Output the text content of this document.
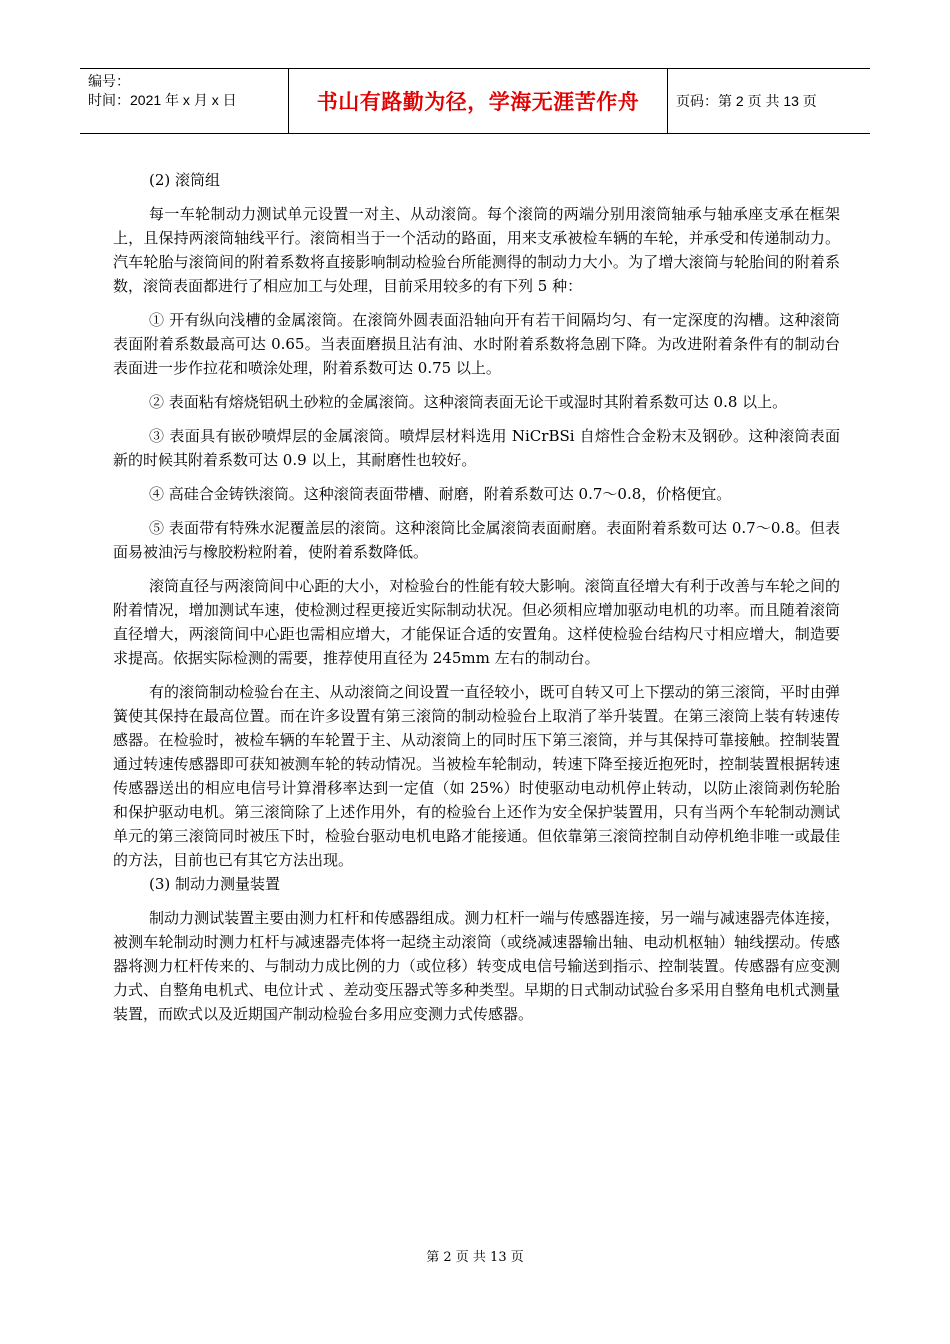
编号：
时间：2021 年 x 月 x 日	书山有路勤为径，学海无涯苦作舟	页码：第 2 页 共 13 页

(2) 滚筒组

每一车轮制动力测试单元设置一对主、从动滚筒。每个滚筒的两端分别用滚筒轴承与轴承座支承在框架上，且保持两滚筒轴线平行。滚筒相当于一个活动的路面，用来支承被检车辆的车轮，并承受和传递制动力。汽车轮胎与滚筒间的附着系数将直接影响制动检验台所能测得的制动力大小。为了增大滚筒与轮胎间的附着系数，滚筒表面都进行了相应加工与处理，目前采用较多的有下列 5 种：

① 开有纵向浅槽的金属滚筒。在滚筒外圆表面沿轴向开有若干间隔均匀、有一定深度的沟槽。这种滚筒表面附着系数最高可达 0.65。当表面磨损且沾有油、水时附着系数将急剧下降。为改进附着条件有的制动台表面进一步作拉花和喷涂处理，附着系数可达 0.75 以上。

② 表面粘有熔烧铝矾土砂粒的金属滚筒。这种滚筒表面无论干或湿时其附着系数可达 0.8 以上。

③ 表面具有嵌砂喷焊层的金属滚筒。喷焊层材料选用 NiCrBSi 自熔性合金粉末及钢砂。这种滚筒表面新的时候其附着系数可达 0.9 以上，其耐磨性也较好。

④ 高硅合金铸铁滚筒。这种滚筒表面带槽、耐磨，附着系数可达 0.7～0.8，价格便宜。

⑤ 表面带有特殊水泥覆盖层的滚筒。这种滚筒比金属滚筒表面耐磨。表面附着系数可达 0.7～0.8。但表面易被油污与橡胶粉粒附着，使附着系数降低。

滚筒直径与两滚筒间中心距的大小，对检验台的性能有较大影响。滚筒直径增大有利于改善与车轮之间的附着情况，增加测试车速，使检测过程更接近实际制动状况。但必须相应增加驱动电机的功率。而且随着滚筒直径增大，两滚筒间中心距也需相应增大，才能保证合适的安置角。这样使检验台结构尺寸相应增大，制造要求提高。依据实际检测的需要，推荐使用直径为 245mm 左右的制动台。

有的滚筒制动检验台在主、从动滚筒之间设置一直径较小，既可自转又可上下摆动的第三滚筒，平时由弹簧使其保持在最高位置。而在许多设置有第三滚筒的制动检验台上取消了举升装置。在第三滚筒上装有转速传感器。在检验时，被检车辆的车轮置于主、从动滚筒上的同时压下第三滚筒，并与其保持可靠接触。控制装置通过转速传感器即可获知被测车轮的转动情况。当被检车轮制动，转速下降至接近抱死时，控制装置根据转速传感器送出的相应电信号计算滑移率达到一定值（如 25%）时使驱动电动机停止转动，以防止滚筒剥伤轮胎和保护驱动电机。第三滚筒除了上述作用外，有的检验台上还作为安全保护装置用，只有当两个车轮制动测试单元的第三滚筒同时被压下时，检验台驱动电机电路才能接通。但依靠第三滚筒控制自动停机绝非唯一或最佳的方法，目前也已有其它方法出现。

(3) 制动力测量装置

制动力测试装置主要由测力杠杆和传感器组成。测力杠杆一端与传感器连接，另一端与减速器壳体连接，被测车轮制动时测力杠杆与减速器壳体将一起绕主动滚筒（或绕减速器输出轴、电动机枢轴）轴线摆动。传感器将测力杠杆传来的、与制动力成比例的力（或位移）转变成电信号输送到指示、控制装置。传感器有应变测力式、自整角电机式、电位计式 、差动变压器式等多种类型。早期的日式制动试验台多采用自整角电机式测量装置，而欧式以及近期国产制动检验台多用应变测力式传感器。

第 2 页 共 13 页
